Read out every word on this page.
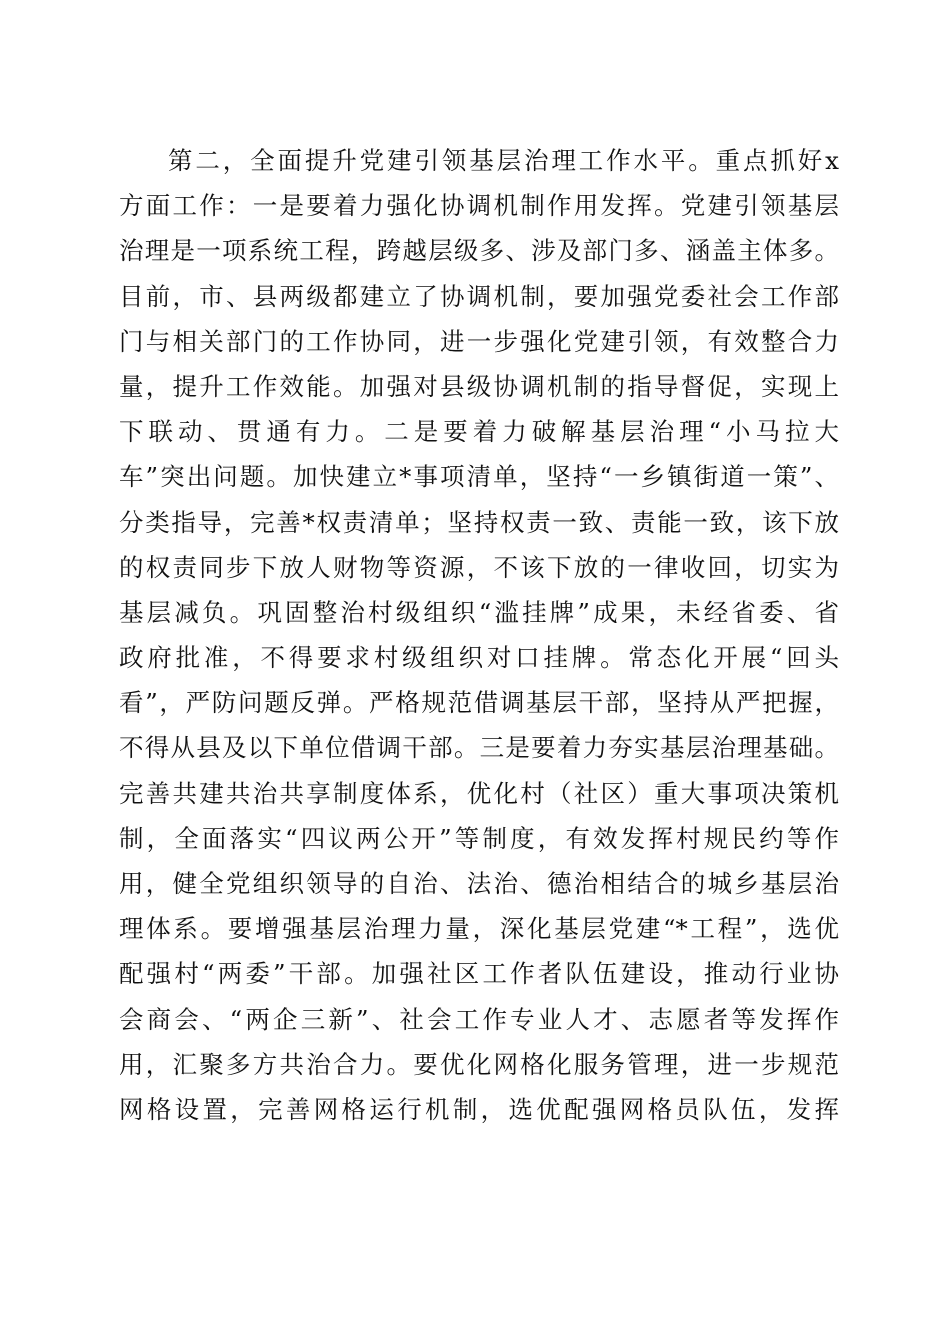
第二，全面提升党建引领基层治理工作水平。重点抓好x
方面工作：一是要着力强化协调机制作用发挥。党建引领基层
治理是一项系统工程，跨越层级多、涉及部门多、涵盖主体多。
目前，市、县两级都建立了协调机制，要加强党委社会工作部
门与相关部门的工作协同，进一步强化党建引领，有效整合力
量，提升工作效能。加强对县级协调机制的指导督促，实现上
下联动、贯通有力。二是要着力破解基层治理“小马拉大
车”突出问题。加快建立*事项清单，坚持“一乡镇街道一策”、
分类指导，完善*权责清单；坚持权责一致、责能一致，该下放
的权责同步下放人财物等资源，不该下放的一律收回，切实为
基层减负。巩固整治村级组织“滥挂牌”成果，未经省委、省
政府批准，不得要求村级组织对口挂牌。常态化开展“回头
看”，严防问题反弹。严格规范借调基层干部，坚持从严把握，
不得从县及以下单位借调干部。三是要着力夯实基层治理基础。
完善共建共治共享制度体系，优化村（社区）重大事项决策机
制，全面落实“四议两公开”等制度，有效发挥村规民约等作
用，健全党组织领导的自治、法治、德治相结合的城乡基层治
理体系。要增强基层治理力量，深化基层党建“*工程”，选优
配强村“两委”干部。加强社区工作者队伍建设，推动行业协
会商会、“两企三新”、社会工作专业人才、志愿者等发挥作
用，汇聚多方共治合力。要优化网格化服务管理，进一步规范
网格设置，完善网格运行机制，选优配强网格员队伍，发挥
